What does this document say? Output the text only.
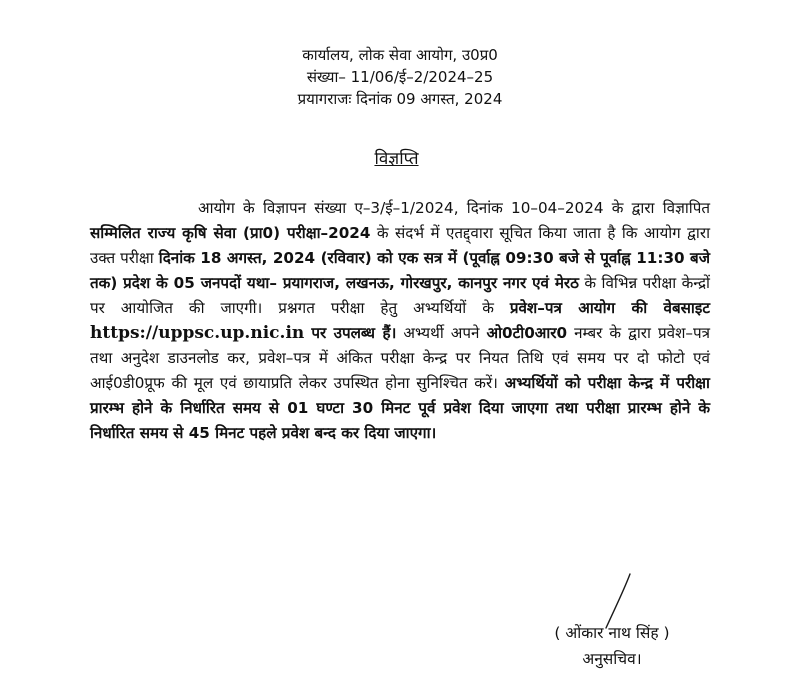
कार्यालय, लोक सेवा आयोग, उ0प्र0
संख्या– 11/06/ई–2/2024–25
प्रयागराजः दिनांक 09 अगस्त, 2024
विज्ञप्ति
आयोग के विज्ञापन संख्या ए–3/ई–1/2024, दिनांक 10–04–2024 के द्वारा विज्ञापित सम्मिलित राज्य कृषि सेवा (प्रा0) परीक्षा–2024 के संदर्भ में एतद्द्वारा सूचित किया जाता है कि आयोग द्वारा उक्त परीक्षा दिनांक 18 अगस्त, 2024 (रविवार) को एक सत्र में (पूर्वाह्न 09:30 बजे से पूर्वाह्न 11:30 बजे तक) प्रदेश के 05 जनपदों यथा– प्रयागराज, लखनऊ, गोरखपुर, कानपुर नगर एवं मेरठ के विभिन्न परीक्षा केन्द्रों पर आयोजित की जाएगी। प्रश्नगत परीक्षा हेतु अभ्यर्थियों के प्रवेश–पत्र आयोग की वेबसाइट https://uppsc.up.nic.in पर उपलब्ध हैं। अभ्यर्थी अपने ओ0टी0आर0 नम्बर के द्वारा प्रवेश–पत्र तथा अनुदेश डाउनलोड कर, प्रवेश–पत्र में अंकित परीक्षा केन्द्र पर नियत तिथि एवं समय पर दो फोटो एवं आई0डी0प्रूफ की मूल एवं छायाप्रति लेकर उपस्थित होना सुनिश्चित करें। अभ्यर्थियों को परीक्षा केन्द्र में परीक्षा प्रारम्भ होने के निर्धारित समय से 01 घण्टा 30 मिनट पूर्व प्रवेश दिया जाएगा तथा परीक्षा प्रारम्भ होने के निर्धारित समय से 45 मिनट पहले प्रवेश बन्द कर दिया जाएगा।
( ओंकार नाथ सिंह )
अनुसचिव।
